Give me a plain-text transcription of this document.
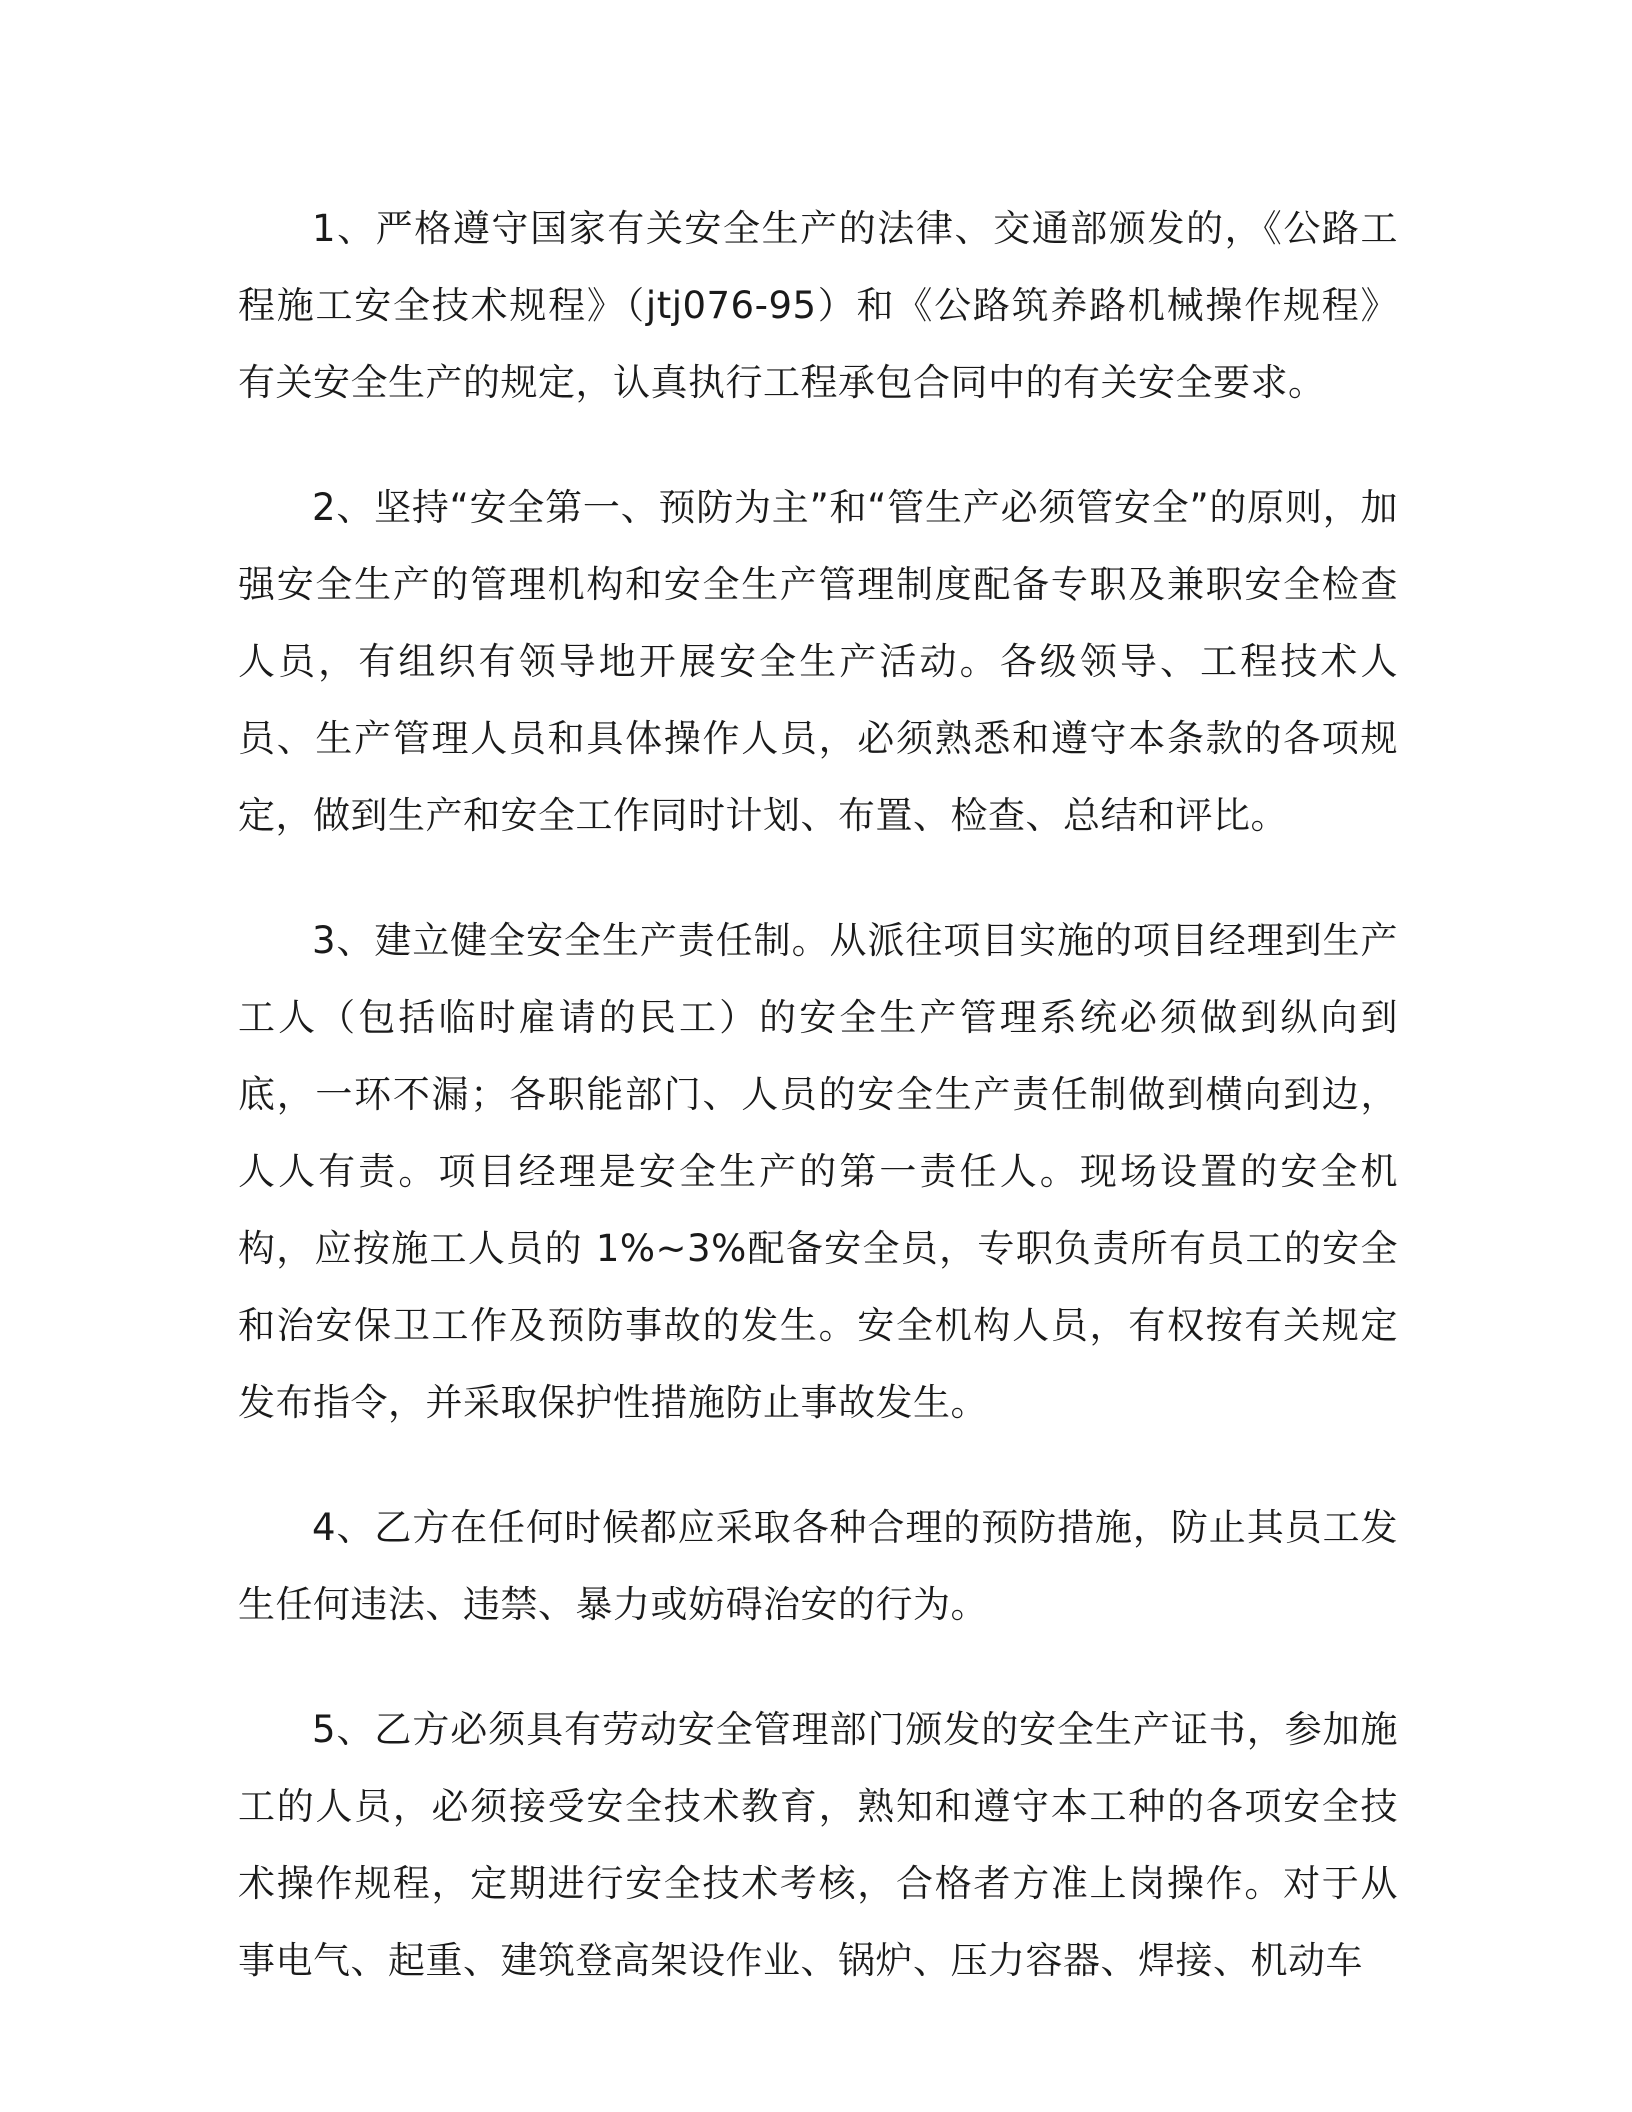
1、严格遵守国家有关安全生产的法律、交通部颁发的，《公路工程施工安全技术规程》（jtj076-95）和《公路筑养路机械操作规程》有关安全生产的规定，认真执行工程承包合同中的有关安全要求。

2、坚持“安全第一、预防为主”和“管生产必须管安全”的原则，加强安全生产的管理机构和安全生产管理制度配备专职及兼职安全检查人员，有组织有领导地开展安全生产活动。各级领导、工程技术人员、生产管理人员和具体操作人员，必须熟悉和遵守本条款的各项规定，做到生产和安全工作同时计划、布置、检查、总结和评比。

3、建立健全安全生产责任制。从派往项目实施的项目经理到生产工人（包括临时雇请的民工）的安全生产管理系统必须做到纵向到底，一环不漏；各职能部门、人员的安全生产责任制做到横向到边，人人有责。项目经理是安全生产的第一责任人。现场设置的安全机构，应按施工人员的 1%~3%配备安全员，专职负责所有员工的安全和治安保卫工作及预防事故的发生。安全机构人员，有权按有关规定发布指令，并采取保护性措施防止事故发生。

4、乙方在任何时候都应采取各种合理的预防措施，防止其员工发生任何违法、违禁、暴力或妨碍治安的行为。

5、乙方必须具有劳动安全管理部门颁发的安全生产证书，参加施工的人员，必须接受安全技术教育，熟知和遵守本工种的各项安全技术操作规程，定期进行安全技术考核，合格者方准上岗操作。对于从事电气、起重、建筑登高架设作业、锅炉、压力容器、焊接、机动车
